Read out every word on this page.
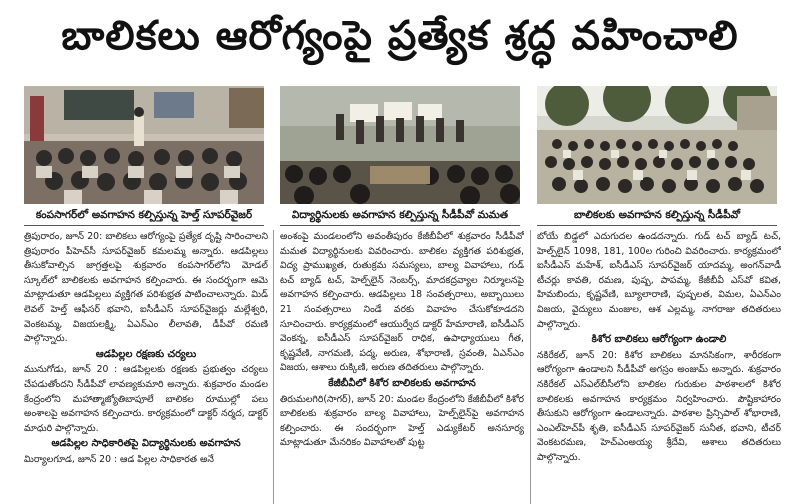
బాలికలు ఆరోగ్యంపై ప్రత్యేక శ్రద్ధ వహించాలి
కంపసాగర్‌లో అవగాహన కల్పిస్తున్న హెల్త్ సూపర్‌వైజర్	విద్యార్థినులకు అవగాహన కల్పిస్తున్న సీడీపీవో మమత	బాలికలకు అవగాహన కల్పిస్తున్న సీడీపీవో

త్రిపురారం, జూన్ 20: బాలికలు ఆరోగ్యంపై ప్రత్యేక దృష్టి సారించాలని త్రిపురారం పీహెచ్‌సీ సూపర్‌వైజర్ కమలమ్మ అన్నారు. ఆడపిల్లలు తీసుకోవాల్సిన జాగ్రత్తలపై శుక్రవారం కంపసాగర్‌లోని మోడల్ స్కూల్‌లో బాలికలకు అవగాహన కల్పించారు. ఈ సందర్భంగా ఆమె మాట్లాడుతూ ఆడపిల్లలు వ్యక్తిగత పరిశుభ్రత పాటించాలన్నారు. మిడ్ లెవల్ హెల్త్ ఆఫీసర్ భవాని, ఐసీడీఎస్ సూపర్‌వైజర్లు మల్లేశ్వరి, వెంకటమ్మ, విజయలక్ష్మి, ఏఎన్‌ఎం లీలావతి, డీపీవో రమణి పాల్గొన్నారు.

ఆడపిల్లల రక్షణకు చర్యలు

మునుగోడు, జూన్ 20 : ఆడపిల్లలకు రక్షణకు ప్రభుత్వం చర్యలు చేపడుతోందని సీడీపీవో లావణ్యకుమారి అన్నారు. శుక్రవారం మండల కేంద్రంలోని మహాత్మాజ్యోతిబాపూలే బాలికల రూముల్లో పలు అంశాలపై అవగాహన కల్పించారు. కార్యక్రమంలో డాక్టర్ నర్మద, డాక్టర్ మాధురి పాల్గొన్నారు.

ఆడపిల్లల సాధికారితపై విద్యార్థినులకు అవగాహన

మిర్యాలగూడ, జూన్ 20 : ఆడ పిల్లల సాధికారత అనే

అంశంపై మండలంలోని అవంతీపురం కేజీబీవీలో శుక్రవారం సీడీపీవో మమత విద్యార్థినులకు వివరించారు. బాలికల వ్యక్తిగత పరిశుభ్రత, విద్య ప్రాముఖ్యత, రుతుక్రమ సమస్యలు, బాల్య వివాహాలు, గుడ్ టచ్ బ్యాడ్ టచ్, హెల్ప్‌లైన్ నెంబర్స్, మాదకద్రవ్యాల నిర్మూలనపై అవగాహన కల్పించారు. ఆడపిల్లలు 18 సంవత్సరాలు, అబ్బాయిలు 21 సంవత్సరాలు నిండే వరకు వివాహం చేసుకోకూడదని సూచించారు. కార్యక్రమంలో ఆయుర్వేద డాక్టర్ హేమారాణి, ఐసీడీఎస్ వెంకన్న, ఐసీడీఎస్ సూపర్‌వైజర్ రాధిక, ఉపాధ్యాయులు గీత, కృష్ణవేణి, నాగమణి, పద్మ, అరుణ, శోభారాణి, స్రవంతి, ఏఎన్‌ఎం విజయ, ఆశాలు రుక్కిణి, అరుణ తదితరులు పాల్గొన్నారు.

కేజీబీవీలో కిశోర బాలికలకు అవగాహన

తిరుమలగిరి(సాగర్), జూన్ 20: మండల కేంద్రంలోని కేజీబీవీలో కిశోర బాలికలకు శుక్రవారం బాల్య వివాహాలు, హెల్ప్‌లైన్‌పై అవగాహన కల్పించారు. ఈ సందర్భంగా హెల్త్ ఎడ్యుకేటర్ అనసూర్య మాట్లాడుతూ మేనరికం వివాహాలతో పుట్ట

బోయే బిడ్డలో ఎదుగుదల ఉండదన్నారు. గుడ్ టచ్ బ్యాడ్ టచ్, హెల్ప్‌లైన్ 1098, 181, 100ల గురించి వివరించారు. కార్యక్రమంలో ఐసీడీఎస్ మహేశ్, ఐసీడీఎస్ సూపర్‌వైజర్ యాదమ్మ, అంగన్‌వాడీ టీచర్లు కావతి, రమణ, పుష్ప, పాపమ్మ, కేజీబీవీ ఎస్‌వో కవిత, హిమబిందు, కృష్ణవేణి, బ్యూలారాణి, పుష్పలత, విమల, ఏఎన్‌ఎం విజయ, వైద్యులు మంజుల, ఆశ ఎల్లమ్మ, నాగరాజు తదితరులు పాల్గొన్నారు.

కిశోర బాలికలు ఆరోగ్యంగా ఉండాలి

నకిరేకల్, జూన్ 20: కిశోర బాలికలు మానసికంగా, శారీరకంగా ఆరోగ్యంగా ఉండాలని సీడీపీవో అగస్రం అంజుమ్ అన్నారు. శుక్రవారం నకిరేకల్ ఎస్‌ఎల్‌బీసీలోని బాలికల గురుకుల పాఠశాలలో కిశోర బాలికలకు అవగాహన కార్యక్రమం నిర్వహించారు. పౌష్టికాహారం తీసుకుని ఆరోగ్యంగా ఉండాలన్నారు. పాఠశాల ప్రిన్సిపాల్ శోభారాణి, ఎంఎల్‌హెచ్‌పీ శృతి, ఐసీడీఎస్ సూపర్‌వైజర్ సునీత, భవాని, టీచర్ వెంకటరమణ, హెచ్ఎంఅయ్య శ్రీదేవి, ఆశాలు తదితరులు పాల్గొన్నారు.
